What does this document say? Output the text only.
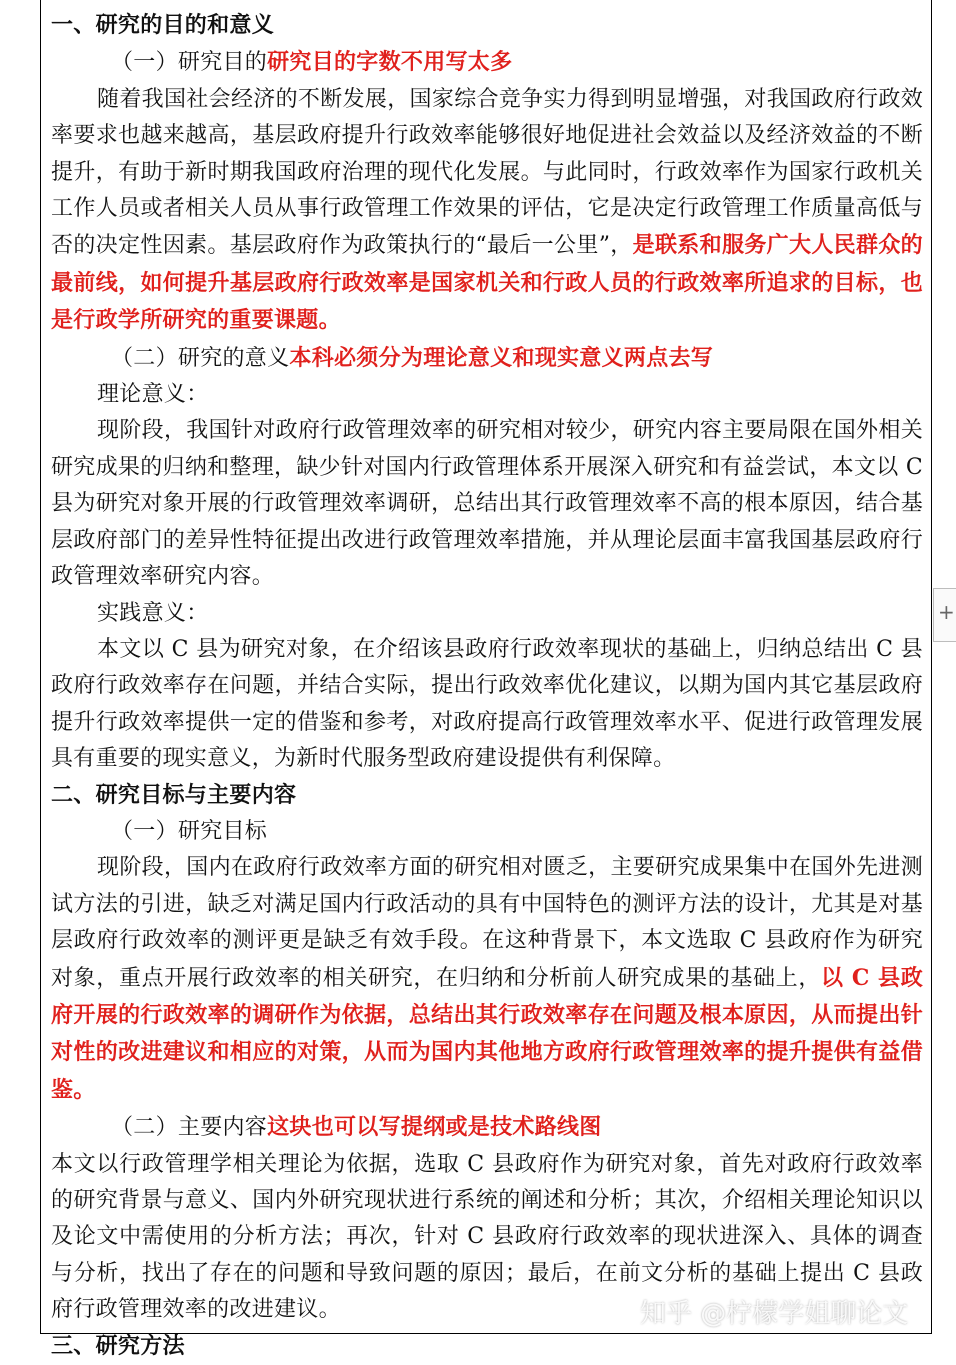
一、研究的目的和意义

（一）研究目的研究目的字数不用写太多

随着我国社会经济的不断发展，国家综合竞争实力得到明显增强，对我国政府行政效率要求也越来越高，基层政府提升行政效率能够很好地促进社会效益以及经济效益的不断提升，有助于新时期我国政府治理的现代化发展。与此同时，行政效率作为国家行政机关工作人员或者相关人员从事行政管理工作效果的评估，它是决定行政管理工作质量高低与否的决定性因素。基层政府作为政策执行的“最后一公里”，是联系和服务广大人民群众的最前线，如何提升基层政府行政效率是国家机关和行政人员的行政效率所追求的目标，也是行政学所研究的重要课题。

（二）研究的意义本科必须分为理论意义和现实意义两点去写

理论意义：

现阶段，我国针对政府行政管理效率的研究相对较少，研究内容主要局限在国外相关研究成果的归纳和整理，缺少针对国内行政管理体系开展深入研究和有益尝试，本文以 C 县为研究对象开展的行政管理效率调研，总结出其行政管理效率不高的根本原因，结合基层政府部门的差异性特征提出改进行政管理效率措施，并从理论层面丰富我国基层政府行政管理效率研究内容。

实践意义：

本文以 C 县为研究对象，在介绍该县政府行政效率现状的基础上，归纳总结出 C 县政府行政效率存在问题，并结合实际，提出行政效率优化建议，以期为国内其它基层政府提升行政效率提供一定的借鉴和参考，对政府提高行政管理效率水平、促进行政管理发展具有重要的现实意义，为新时代服务型政府建设提供有利保障。

二、研究目标与主要内容

（一）研究目标

现阶段，国内在政府行政效率方面的研究相对匮乏，主要研究成果集中在国外先进测试方法的引进，缺乏对满足国内行政活动的具有中国特色的测评方法的设计，尤其是对基层政府行政效率的测评更是缺乏有效手段。在这种背景下，本文选取 C 县政府作为研究对象，重点开展行政效率的相关研究，在归纳和分析前人研究成果的基础上，以 C 县政府开展的行政效率的调研作为依据，总结出其行政效率存在问题及根本原因，从而提出针对性的改进建议和相应的对策，从而为国内其他地方政府行政管理效率的提升提供有益借鉴。

（二）主要内容这块也可以写提纲或是技术路线图

本文以行政管理学相关理论为依据，选取 C 县政府作为研究对象，首先对政府行政效率的研究背景与意义、国内外研究现状进行系统的阐述和分析；其次，介绍相关理论知识以及论文中需使用的分析方法；再次，针对 C 县政府行政效率的现状进深入、具体的调查与分析，找出了存在的问题和导致问题的原因；最后，在前文分析的基础上提出 C 县政府行政管理效率的改进建议。

三、研究方法

+
知乎 @柠檬学姐聊论文
